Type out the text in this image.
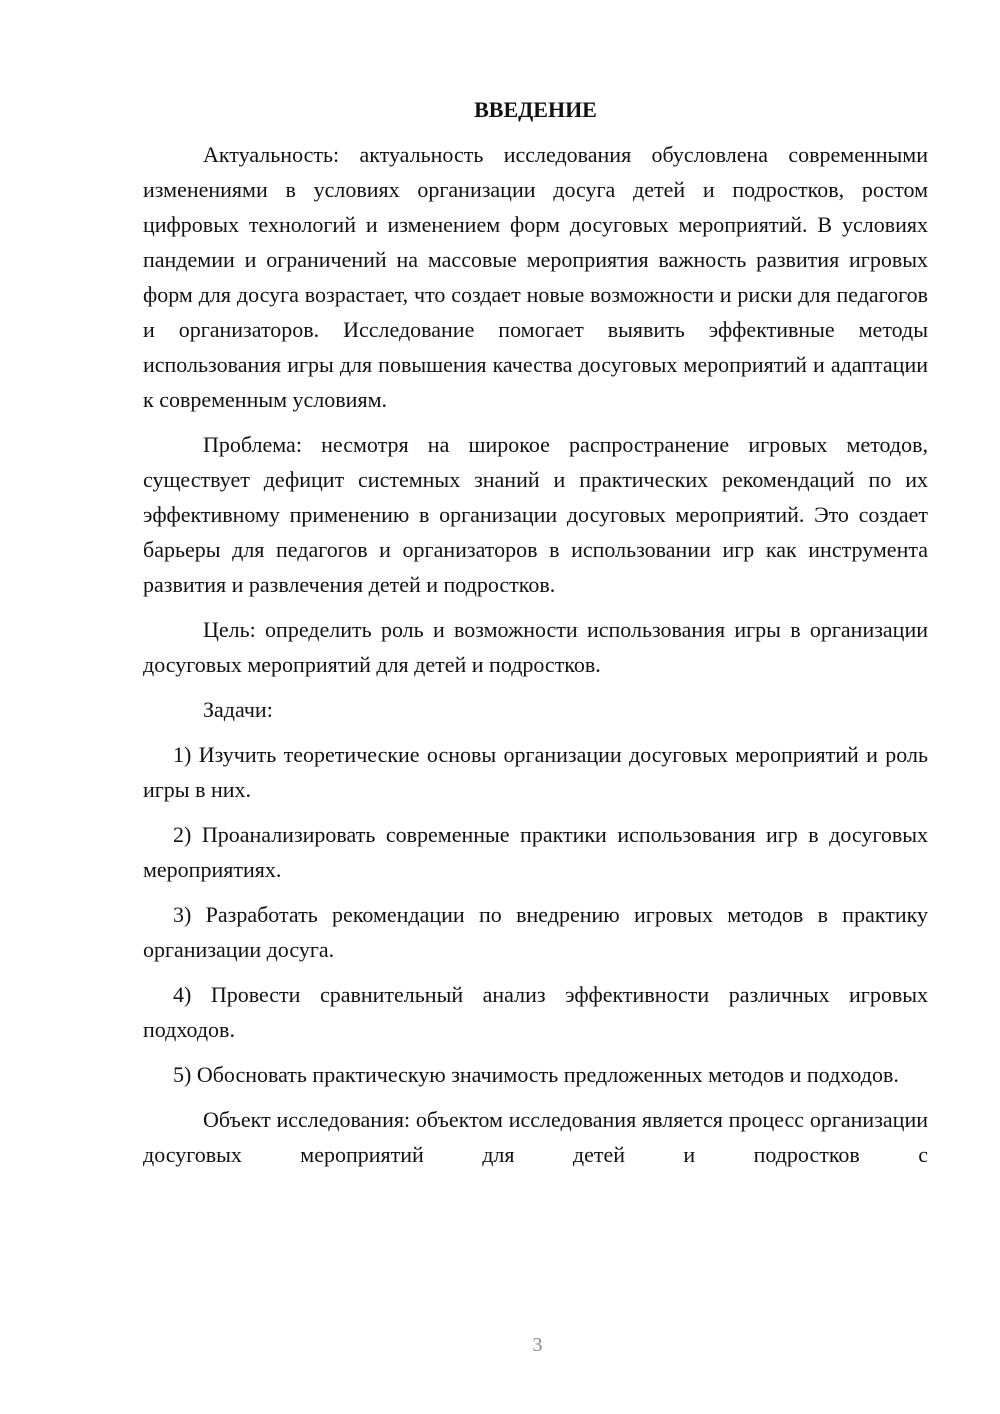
ВВЕДЕНИЕ

Актуальность: актуальность исследования обусловлена современными изменениями в условиях организации досуга детей и подростков, ростом цифровых технологий и изменением форм досуговых мероприятий. В условиях пандемии и ограничений на массовые мероприятия важность развития игровых форм для досуга возрастает, что создает новые возможности и риски для педагогов и организаторов. Исследование помогает выявить эффективные методы использования игры для повышения качества досуговых мероприятий и адаптации к современным условиям.

Проблема: несмотря на широкое распространение игровых методов, существует дефицит системных знаний и практических рекомендаций по их эффективному применению в организации досуговых мероприятий. Это создает барьеры для педагогов и организаторов в использовании игр как инструмента развития и развлечения детей и подростков.

Цель: определить роль и возможности использования игры в организации досуговых мероприятий для детей и подростков.

Задачи:

1) Изучить теоретические основы организации досуговых мероприятий и роль игры в них.

2) Проанализировать современные практики использования игр в досуговых мероприятиях.

3) Разработать рекомендации по внедрению игровых методов в практику организации досуга.

4) Провести сравнительный анализ эффективности различных игровых подходов.

5) Обосновать практическую значимость предложенных методов и подходов.

Объект исследования: объектом исследования является процесс организации досуговых мероприятий для детей и подростков с

3
